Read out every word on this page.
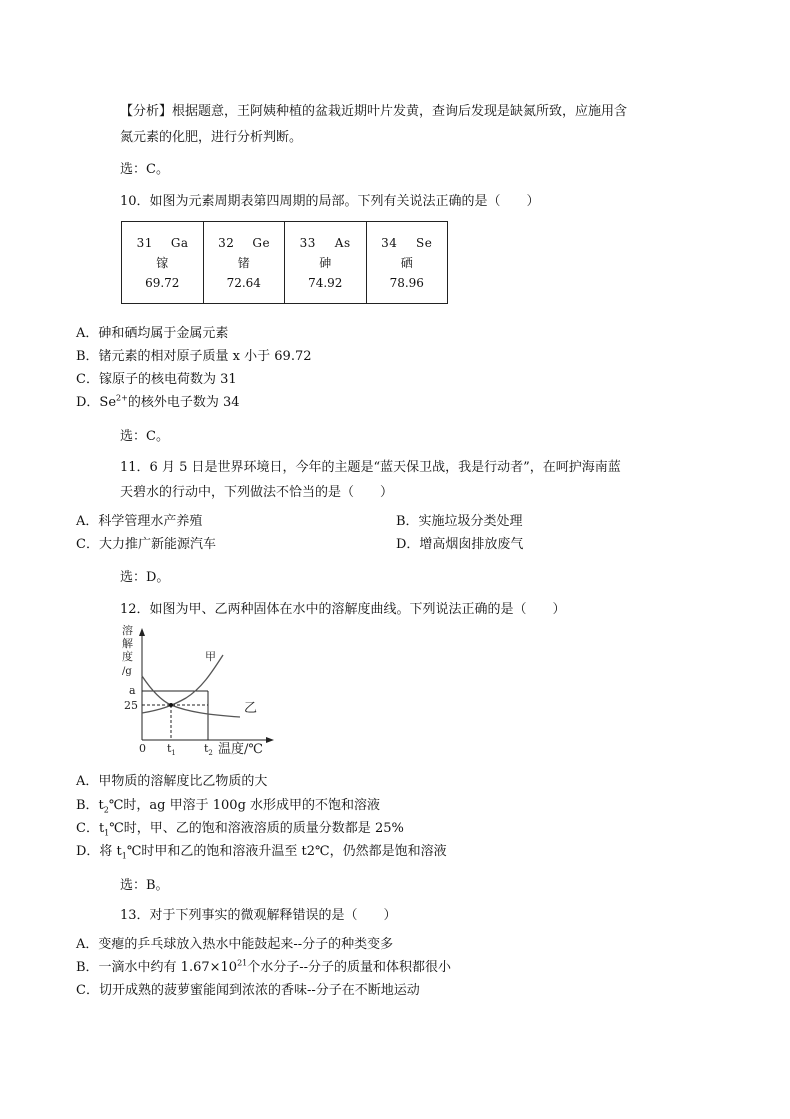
【分析】根据题意，王阿姨种植的盆栽近期叶片发黄，查询后发现是缺氮所致，应施用含
氮元素的化肥，进行分析判断。
选：C。
10．如图为元素周期表第四周期的局部。下列有关说法正确的是（　　）
31 Ga
镓
69.72

32 Ge
锗
72.64

33 As
砷
74.92

34 Se
硒
78.96
A．砷和硒均属于金属元素
B．锗元素的相对原子质量 x 小于 69.72
C．镓原子的核电荷数为 31
D．$Se^{2+}$的核外电子数为 34
选：C。
11．6 月 5 日是世界环境日，今年的主题是“蓝天保卫战，我是行动者”，在呵护海南蓝
天碧水的行动中，下列做法不恰当的是（　　）
A．科学管理水产养殖	B．实施垃圾分类处理
C．大力推广新能源汽车	D．增高烟囱排放废气
选：D。
12．如图为甲、乙两种固体在水中的溶解度曲线。下列说法正确的是（　　）
溶
解
度
/g
a
25
甲
乙
0 $t_1$	$t_2$ 温度/℃
A．甲物质的溶解度比乙物质的大
B．$t_2℃$时，ag 甲溶于 100g 水形成甲的不饱和溶液
C．$t_1℃$时，甲、乙的饱和溶液溶质的质量分数都是 25%
D．将 $t_1℃$时甲和乙的饱和溶液升温至 t2℃，仍然都是饱和溶液
选：B。
13．对于下列事实的微观解释错误的是（　　）
A．变瘪的乒乓球放入热水中能鼓起来--分子的种类变多
B．一滴水中约有 $1.67\times 10^{21}$个水分子--分子的质量和体积都很小
C．切开成熟的菠萝蜜能闻到浓浓的香味--分子在不断地运动
